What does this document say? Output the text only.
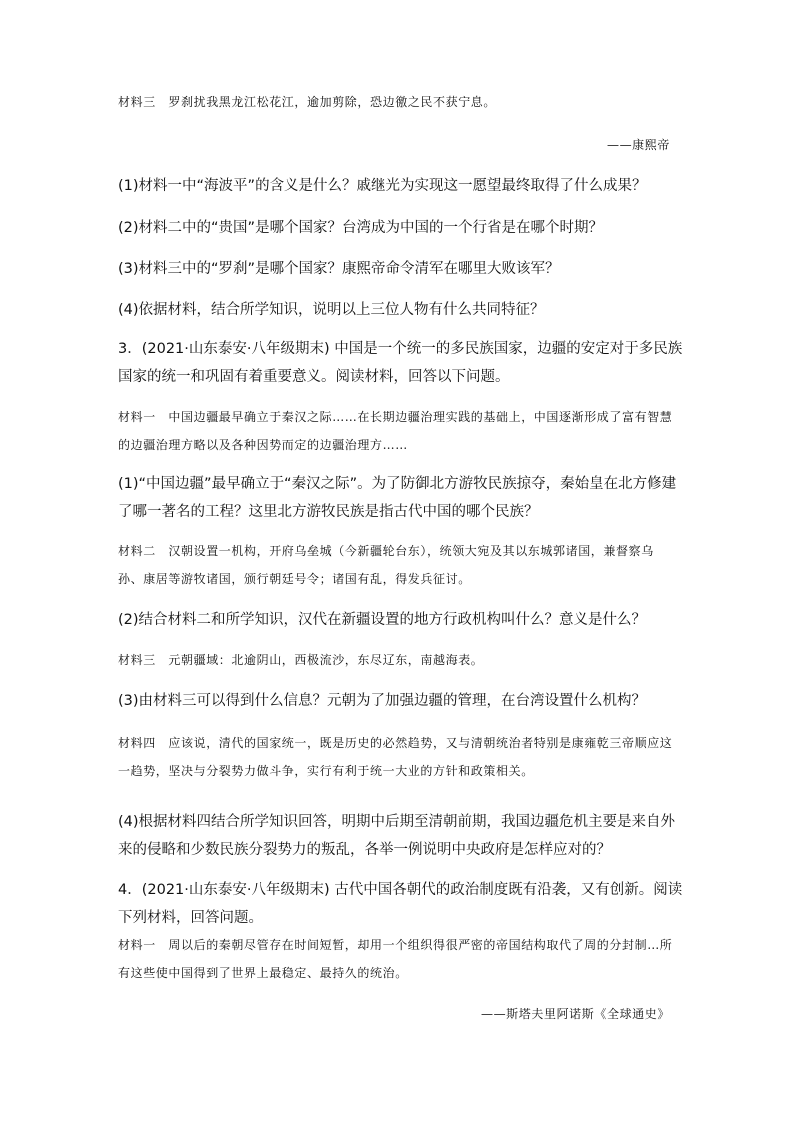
材料三　罗刹扰我黑龙江松花江，逾加剪除，恐边徼之民不获宁息。

——康熙帝

(1)材料一中“海波平”的含义是什么？戚继光为实现这一愿望最终取得了什么成果？

(2)材料二中的“贵国”是哪个国家？台湾成为中国的一个行省是在哪个时期？

(3)材料三中的“罗刹”是哪个国家？康熙帝命令清军在哪里大败该军？

(4)依据材料，结合所学知识，说明以上三位人物有什么共同特征？

3．(2021·山东泰安·八年级期末) 中国是一个统一的多民族国家，边疆的安定对于多民族国家的统一和巩固有着重要意义。阅读材料，回答以下问题。

材料一　中国边疆最早确立于秦汉之际……在长期边疆治理实践的基础上，中国逐渐形成了富有智慧的边疆治理方略以及各种因势而定的边疆治理方……

(1)“中国边疆”最早确立于“秦汉之际”。为了防御北方游牧民族掠夺，秦始皇在北方修建了哪一著名的工程？这里北方游牧民族是指古代中国的哪个民族？

材料二　汉朝设置一机构，开府乌垒城（今新疆轮台东），统领大宛及其以东城郭诸国，兼督察乌孙、康居等游牧诸国，颁行朝廷号令；诸国有乱，得发兵征讨。

(2)结合材料二和所学知识，汉代在新疆设置的地方行政机构叫什么？意义是什么？

材料三　元朝疆域：北逾阴山，西极流沙，东尽辽东，南越海表。

(3)由材料三可以得到什么信息？元朝为了加强边疆的管理，在台湾设置什么机构？

材料四　应该说，清代的国家统一，既是历史的必然趋势，又与清朝统治者特别是康雍乾三帝顺应这一趋势，坚决与分裂势力做斗争，实行有利于统一大业的方针和政策相关。

(4)根据材料四结合所学知识回答，明期中后期至清朝前期，我国边疆危机主要是来自外来的侵略和少数民族分裂势力的叛乱，各举一例说明中央政府是怎样应对的？

4．(2021·山东泰安·八年级期末) 古代中国各朝代的政治制度既有沿袭，又有创新。阅读下列材料，回答问题。

材料一　周以后的秦朝尽管存在时间短暂，却用一个组织得很严密的帝国结构取代了周的分封制…所有这些使中国得到了世界上最稳定、最持久的统治。

——斯塔夫里阿诺斯《全球通史》
